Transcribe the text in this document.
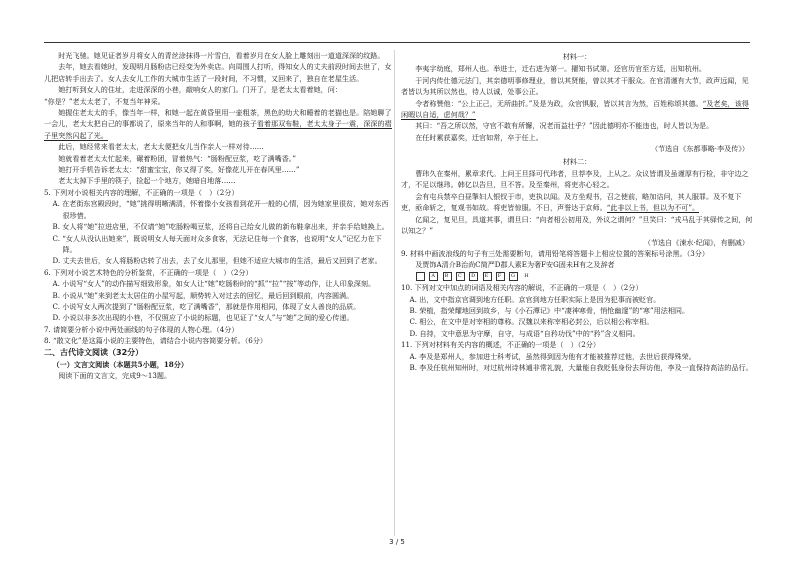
时光飞驰。她见证者岁月将女人的青丝涂抹得一片雪白，看着岁月在女人脸上雕刻出一道道深深的纹路。

去年，她去看她时，发现明月肠粉店已经变为外卖店。向周围人打听，得知女人的丈夫前段时间去世了，女儿把店转手出去了。女人去女儿工作的大城市生活了一段时间，不习惯，又回来了，独自在老屋生活。

她打听到女人的住址，走进深深的小巷，敲响女人的家门。门开了，是老太太看着她，问：

“你是？”老太太老了，不复当年神采。

她握住老太太的手，像当年一样，和她一起在黄昏里用一壶粗茶，黑色的幼犬和睡着的老猫也是。陪她聊了一会儿，老太太把自己的事都说了，原来当年的人和事啊，她的孩子看着那双布鞋，老太太身子一震，深深的褶子里突然闪起了光。

此后，她经常来看老太太，老太太便把女儿当作亲人一样对待……

她就看着老太太忙起来，碾着粉团，冒着热气：“肠粉配豆浆，吃了满嘴香。”

她打开手机告诉老太太：“甜蜜宝宝，你又得了奖，好像花儿开在春风里……”

老太太掉下手里的筷子，捡起一个地方，她暗自地落……

5. 下列对小说相关内容的理解，不正确的一项是（　）（2分）

A. 在老街东宫殿段时，“她”挑得明晰满清，怀着像小女孩看到花开一般的心情，因为她家里很贫，她对东西很珍惜。

B. 女人将“她”拉进店里，不仅请“她”吃肠粉喝豆浆，还将自己给女儿做的新布鞋拿出来，并亲手给她换上。

C. “女人从没认出她来”，既说明女人每天面对众多食客，无法记住每一个食客，也说明“女人”记忆力在下降。

D. 丈夫去世后，女人将肠粉店转了出去，去了女儿那里，但她不适应大城市的生活，最后又回到了老家。

6. 下列对小说艺术特色的分析鉴赏，不正确的一项是（　）（2分）

A. 小说写“女人”的动作描写细致形象，如女人让“她”吃肠粉时的“抓”“拉”“按”等动作，让人印象深刻。

B. 小说从“她”来到老太太居住的小屋写起，顺势转入对过去的回忆，最后回到眼前，内容圆满。

C. 小说写女人两次提到了“肠粉配豆浆，吃了满嘴香”，那就是作用相同，体现了女人善良的品质。

D. 小说以非多次出现的小巷，不仅照应了小说的标题，也见证了“女人”与“她”之间的爱心传递。

7. 请简要分析小说中两处画线的句子体现的人物心理。（4分）

8. “散文化”是这篇小说的主要特色，请结合小说内容简要分析。（6分）

二、古代诗文阅读（32分）

（一）文言文阅读（本题共5小题，18分）

阅读下面的文言文，完成9～13题。

材料一：

李夷字幼庭，郑州人也。举进士，迁右进为第一。擢知书试第。还官历官至方廷，出知杭州。

于河内传仕德元法门，其亲德明事修理业，曾以其贤能，曾以其才干服众。在官清谨有大节，政声远闻，见者皆以为其所以然也，待人以诚，处事公正。

令者称赞他：“公上正己，无所曲折。”及是为政，众官惧服，皆以其言为然，百姓称颂其德。“及老矣，该得闲暇以自适，虑何哉？”

其曰：“吾之所以然，守官不敢有所懈，况老而益壮乎？”因此德明亦不能违也，时人皆以为是。

在任时累获嘉奖，迁官如常，卒于任上。

（节选自《东都事略·李及传》）

材料二：

曹玮久在秦州，累章求代。上问王旦择可代玮者，旦荐李及，上从之。众议皆谓及虽谨厚有行检，非守边之才，不足以继玮。韩亿以告旦，旦不答。及至秦州，将吏亦心轻之。

会有屯兵禁卒白昼掣妇人银钗于市，吏执以闻。及方坐观书，召之使前，略加诘问，其人服罪。及不复下吏，亟命斩之，复观书如故。将吏皆惊服。不日，声誉达于京师。“此非以上书，但以为不可”。

亿闻之，复见旦，具道其事，谓旦曰：“向者相公初用及，外议之谓何？”旦笑曰：“戎马乱于其驿传之间，何以知之？”

（节选自《涑水·纪闻》，有删减）

9. 材料中画波浪线的句子有三处需要断句，请用铅笔将答题卡上相应位置的答案标号涂黑。（3分）

及贾饰A清介B治尚C简严D郡人素E为奢F安G固未H有之及辞者

A B C D E F G H

10. 下列对文中加点的词语及相关内容的解说，不正确的一项是（　）（2分）

A. 出，文中指京官调到地方任职。京官到地方任职实际上是因为犯事而被贬官。

B. 荣植，指荣耀地回到故乡，与《小石潭记》中“凄神寒骨，悄怆幽邃”的“寒”用法相同。

C. 相公，在文中是对宰相的尊称。汉魏以来称宰相必封公，后以相公称宰相。

D. 自持，文中意思为守摩，自守，与成语“自矜功伐”中的“矜”含义相同。

11. 下列对材料有关内容的概述，不正确的一项是（　）（2分）

A. 李及是郑州人，参加进士科考试，虽然得到因为他有才能被推荐过他，去世后获得殊荣。

B. 李及任杭州知州时，对过杭州诗林逋非常礼貌，大量能自我贬低身份去拜访他，李及一直保持高洁的品行。

3 / 5
